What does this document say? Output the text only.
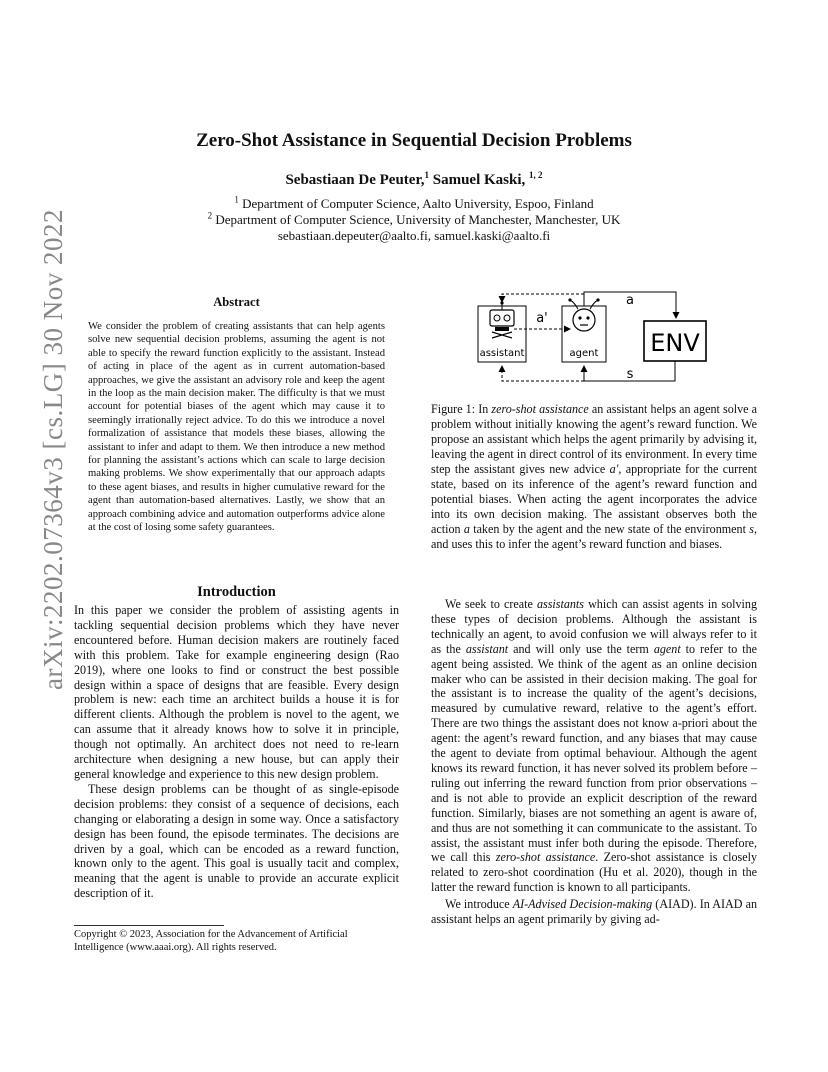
arXiv:2202.07364v3 [cs.LG] 30 Nov 2022
Zero-Shot Assistance in Sequential Decision Problems
Sebastiaan De Peuter,$^1$ Samuel Kaski, $^{1, 2}$
$^1$ Department of Computer Science, Aalto University, Espoo, Finland
$^2$ Department of Computer Science, University of Manchester, Manchester, UK
sebastiaan.depeuter@aalto.fi, samuel.kaski@aalto.fi
Abstract
We consider the problem of creating assistants that can help agents solve new sequential decision problems, assuming the agent is not able to specify the reward function explicitly to the assistant. Instead of acting in place of the agent as in current automation-based approaches, we give the assistant an advisory role and keep the agent in the loop as the main decision maker. The difficulty is that we must account for potential biases of the agent which may cause it to seemingly irrationally reject advice. To do this we introduce a novel formalization of assistance that models these biases, allowing the assistant to infer and adapt to them. We then introduce a new method for planning the assistant’s actions which can scale to large decision making problems. We show experimentally that our approach adapts to these agent biases, and results in higher cumulative reward for the agent than automation-based alternatives. Lastly, we show that an approach combining advice and automation outperforms advice alone at the cost of losing some safety guarantees.
Introduction

In this paper we consider the problem of assisting agents in tackling sequential decision problems which they have never encountered before. Human decision makers are routinely faced with this problem. Take for example engineering design (Rao 2019), where one looks to find or construct the best possible design within a space of designs that are feasible. Every design problem is new: each time an architect builds a house it is for different clients. Although the problem is novel to the agent, we can assume that it already knows how to solve it in principle, though not optimally. An architect does not need to re-learn architecture when designing a new house, but can apply their general knowledge and experience to this new design problem.

These design problems can be thought of as single-episode decision problems: they consist of a sequence of decisions, each changing or elaborating a design in some way. Once a satisfactory design has been found, the episode terminates. The decisions are driven by a goal, which can be encoded as a reward function, known only to the agent. This goal is usually tacit and complex, meaning that the agent is unable to provide an accurate explicit description of it.

Copyright © 2023, Association for the Advancement of Artificial Intelligence (www.aaai.org). All rights reserved.
assistant	agent ENV
a'
a
s
Figure 1: In zero-shot assistance an assistant helps an agent solve a problem without initially knowing the agent’s reward function. We propose an assistant which helps the agent primarily by advising it, leaving the agent in direct control of its environment. In every time step the assistant gives new advice a′, appropriate for the current state, based on its inference of the agent’s reward function and potential biases. When acting the agent incorporates the advice into its own decision making. The assistant observes both the action a taken by the agent and the new state of the environment s, and uses this to infer the agent’s reward function and biases.

We seek to create assistants which can assist agents in solving these types of decision problems. Although the assistant is technically an agent, to avoid confusion we will always refer to it as the assistant and will only use the term agent to refer to the agent being assisted. We think of the agent as an online decision maker who can be assisted in their decision making. The goal for the assistant is to increase the quality of the agent’s decisions, measured by cumulative reward, relative to the agent’s effort. There are two things the assistant does not know a-priori about the agent: the agent’s reward function, and any biases that may cause the agent to deviate from optimal behaviour. Although the agent knows its reward function, it has never solved its problem before – ruling out inferring the reward function from prior observations – and is not able to provide an explicit description of the reward function. Similarly, biases are not something an agent is aware of, and thus are not something it can communicate to the assistant. To assist, the assistant must infer both during the episode. Therefore, we call this zero-shot assistance. Zero-shot assistance is closely related to zero-shot coordination (Hu et al. 2020), though in the latter the reward function is known to all participants.

We introduce AI-Advised Decision-making (AIAD). In AIAD an assistant helps an agent primarily by giving ad-
